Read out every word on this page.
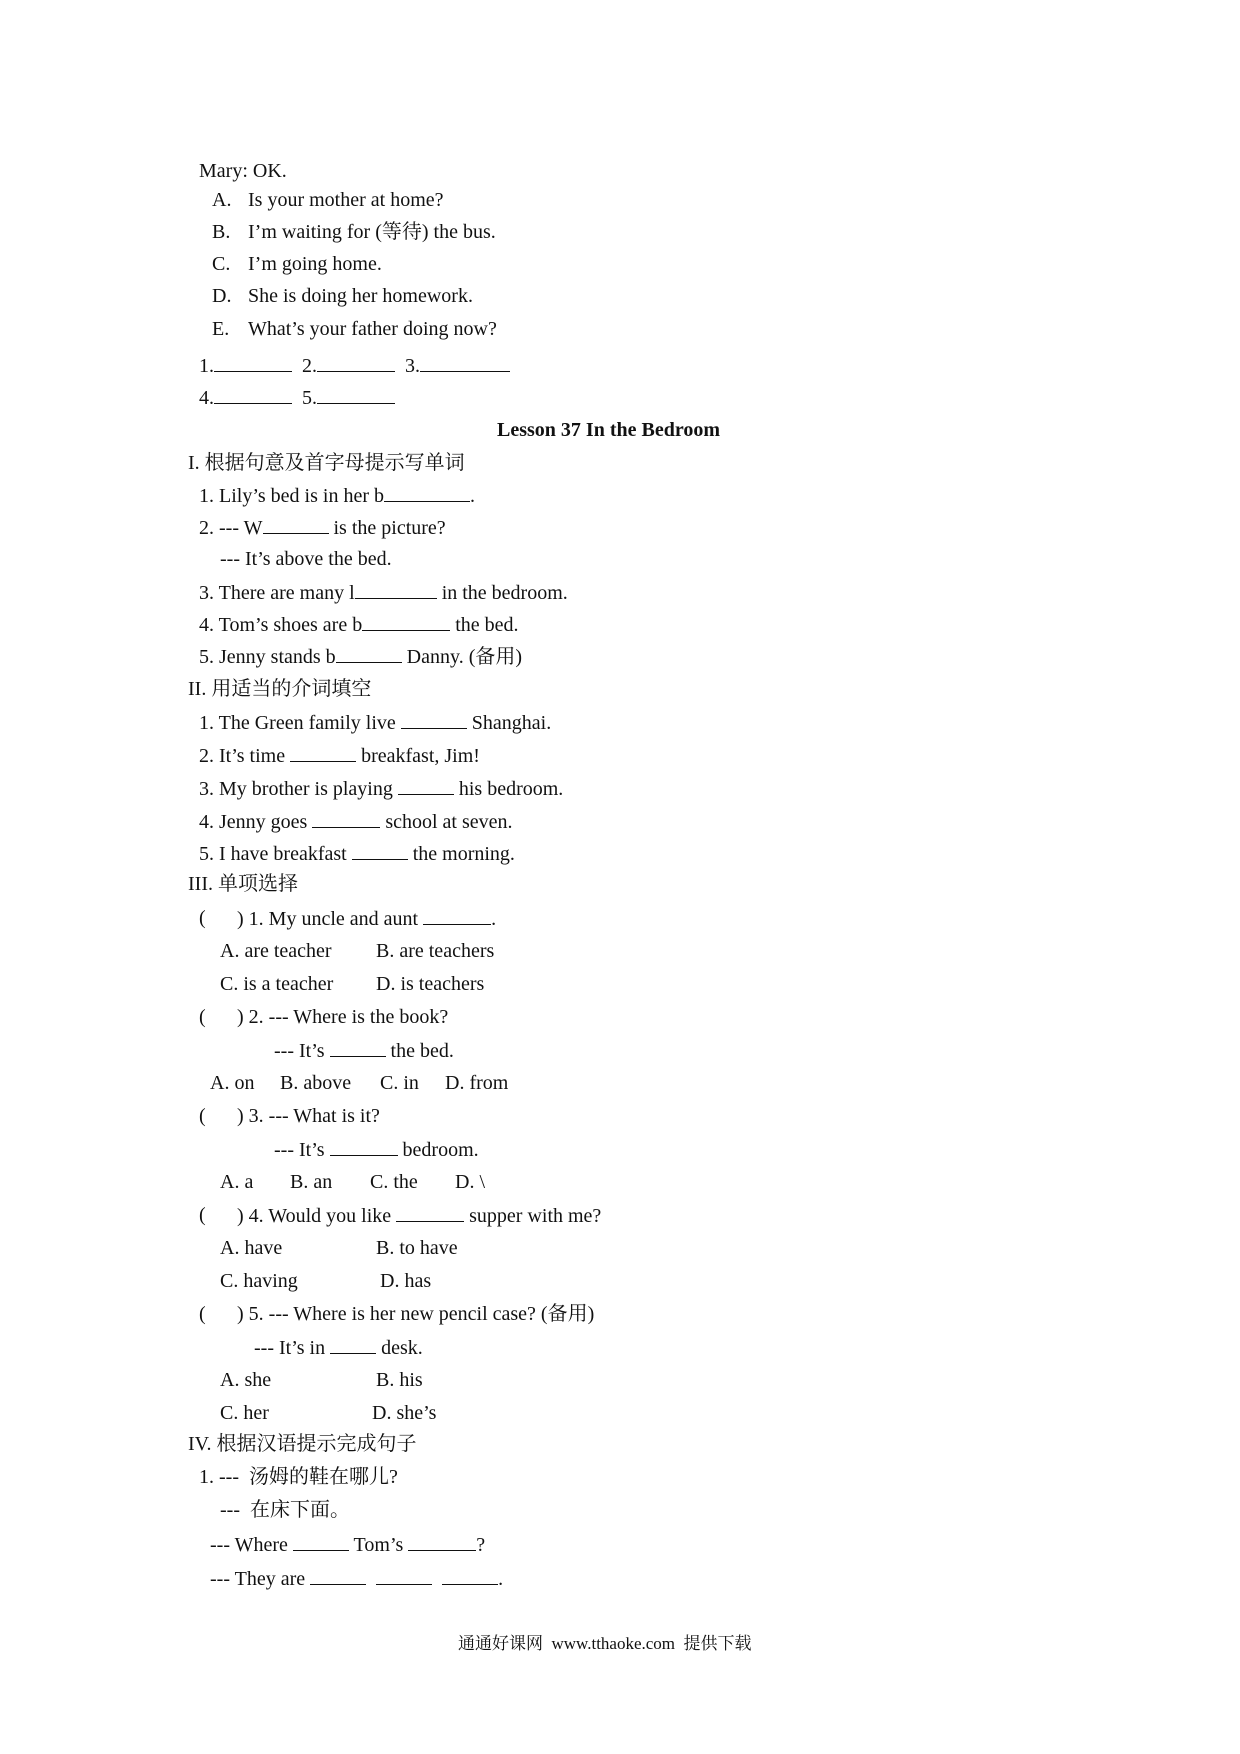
Mary: OK.
A. Is your mother at home?
B. I’m waiting for (等待) the bus.
C. I’m going home.
D. She is doing her homework.
E. What’s your father doing now?
1.	2.	3.
4.	5.
Lesson 37 In the Bedroom
I. 根据句意及首字母提示写单词
1. Lily’s bed is in her b	.
2. --- W	is the picture?
--- It’s above the bed.
3. There are many l	in the bedroom.
4. Tom’s shoes are b	the bed.
5. Jenny stands b	Danny. (备用)
II. 用适当的介词填空
1. The Green family live	Shanghai.
2. It’s time	breakfast, Jim!
3. My brother is playing	his bedroom.
4. Jenny goes	school at seven.
5. I have breakfast	the morning.
III. 单项选择
( ) 1. My uncle and aunt	.
A. are teacher B. are teachers
C. is a teacher D. is teachers
( ) 2. --- Where is the book?
--- It’s	the bed.
A. on B. above C. in D. from
( ) 3. --- What is it?
--- It’s	bedroom.
A. a B. an C. the D. \
( ) 4. Would you like	supper with me?
A. have	B. to have
C. having	D. has
( ) 5. --- Where is her new pencil case? (备用)
--- It’s in  desk.
A. she	B. his
C. her	D. she’s
IV. 根据汉语提示完成句子
1. ---  汤姆的鞋在哪儿?
---  在床下面。
--- Where	Tom’s	?
--- They are	.
通通好课网  www.tthaoke.com  提供下载
